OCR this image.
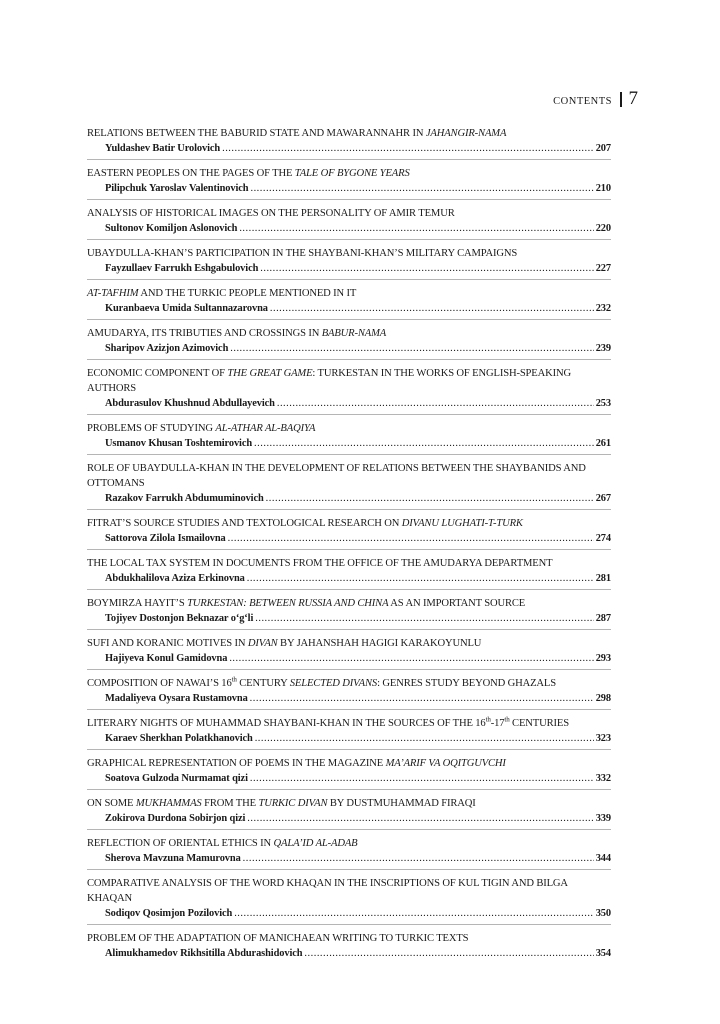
CONTENTS 7
RELATIONS BETWEEN THE BABURID STATE AND MAWARANNAHR IN JAHANGIR-NAMA
Yuldashev Batir Urolovich .....	207
EASTERN PEOPLES ON THE PAGES OF THE TALE OF BYGONE YEARS
Pilipchuk Yaroslav Valentinovich .....	210
ANALYSIS OF HISTORICAL IMAGES ON THE PERSONALITY OF AMIR TEMUR
Sultonov Komiljon Aslonovich .....	220
UBAYDULLA-KHAN’S PARTICIPATION IN THE SHAYBANI-KHAN’S MILITARY CAMPAIGNS
Fayzullaev Farrukh Eshgabulovich .....	227
AT-TAFHIM AND THE TURKIC PEOPLE MENTIONED IN IT
Kuranbaeva Umida Sultannazarovna .....	232
AMUDARYA, ITS TRIBUTIES AND CROSSINGS IN BABUR-NAMA
Sharipov Azizjon Azimovich .....	239
ECONOMIC COMPONENT OF THE GREAT GAME: TURKESTAN IN THE WORKS OF ENGLISH-SPEAKING AUTHORS
Abdurasulov Khushnud Abdullayevich .....	253
PROBLEMS OF STUDYING AL-ATHAR AL-BAQIYA
Usmanov Khusan Toshtemirovich .....	261
ROLE OF UBAYDULLA-KHAN IN THE DEVELOPMENT OF RELATIONS BETWEEN THE SHAYBANIDS AND OTTOMANS
Razakov Farrukh Abdumuminovich .....	267
FITRAT’S SOURCE STUDIES AND TEXTOLOGICAL RESEARCH ON DIVANU LUGHATI-T-TURK
Sattorova Zilola Ismailovna .....	274
THE LOCAL TAX SYSTEM IN DOCUMENTS FROM THE OFFICE OF THE AMUDARYA DEPARTMENT
Abdukhalilova Aziza Erkinovna .....	281
BOYMIRZA HAYIT’S TURKESTAN: BETWEEN RUSSIA AND CHINA AS AN IMPORTANT SOURCE
Tojiyev Dostonjon Beknazar o‘g‘li .....	287
SUFI AND KORANIC MOTIVES IN DIVAN BY JAHANSHAH HAGIGI KARAKOYUNLU
Hajiyeva Konul Gamidovna .....	293
COMPOSITION OF NAWAI’S 16th CENTURY SELECTED DIVANS: GENRES STUDY BEYOND GHAZALS
Madaliyeva Oysara Rustamovna .....	298
LITERARY NIGHTS OF MUHAMMAD SHAYBANI-KHAN IN THE SOURCES OF THE 16th-17th CENTURIES
Karaev Sherkhan Polatkhanovich .....	323
GRAPHICAL REPRESENTATION OF POEMS IN THE MAGAZINE MA’ARIF VA OQITGUVCHI
Soatova Gulzoda Nurmamat qizi .....	332
ON SOME MUKHAMMAS FROM THE TURKIC DIVAN BY DUSTMUHAMMAD FIRAQI
Zokirova Durdona Sobirjon qizi .....	339
REFLECTION OF ORIENTAL ETHICS IN QALA’ID AL-ADAB
Sherova Mavzuna Mamurovna .....	344
COMPARATIVE ANALYSIS OF THE WORD KHAQAN IN THE INSCRIPTIONS OF KUL TIGIN AND BILGA KHAQAN
Sodiqov Qosimjon Pozilovich .....	350
PROBLEM OF THE ADAPTATION OF MANICHAEAN WRITING TO TURKIC TEXTS
Alimukhamedov Rikhsitilla Abdurashidovich .....	354
